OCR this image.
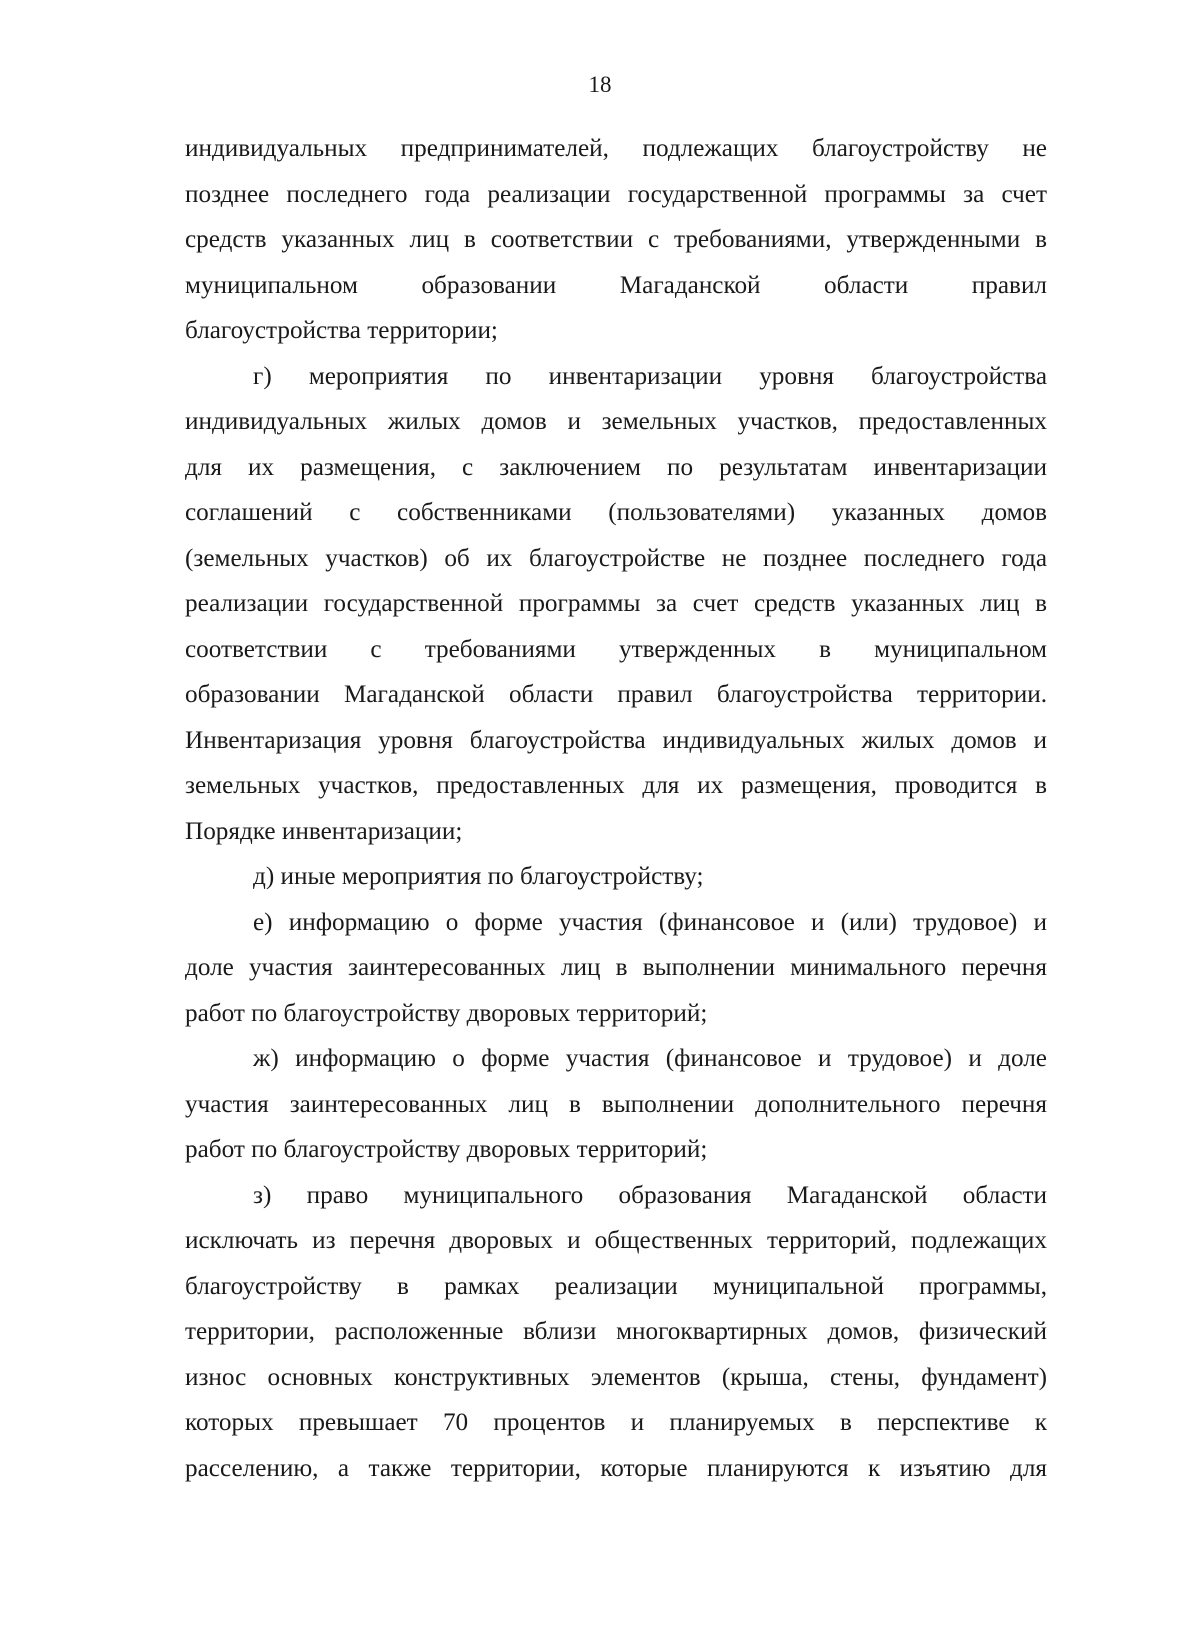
18
индивидуальных предпринимателей, подлежащих благоустройству не
позднее последнего года реализации государственной программы за счет
средств указанных лиц в соответствии с требованиями, утвержденными в
муниципальном образовании Магаданской области правил
благоустройства территории;
г) мероприятия по инвентаризации уровня благоустройства
индивидуальных жилых домов и земельных участков, предоставленных
для их размещения, с заключением по результатам инвентаризации
соглашений с собственниками (пользователями) указанных домов
(земельных участков) об их благоустройстве не позднее последнего года
реализации государственной программы за счет средств указанных лиц в
соответствии с требованиями утвержденных в муниципальном
образовании Магаданской области правил благоустройства территории.
Инвентаризация уровня благоустройства индивидуальных жилых домов и
земельных участков, предоставленных для их размещения, проводится в
Порядке инвентаризации;
д) иные мероприятия по благоустройству;
е) информацию о форме участия (финансовое и (или) трудовое) и
доле участия заинтересованных лиц в выполнении минимального перечня
работ по благоустройству дворовых территорий;
ж) информацию о форме участия (финансовое и трудовое) и доле
участия заинтересованных лиц в выполнении дополнительного перечня
работ по благоустройству дворовых территорий;
з) право муниципального образования Магаданской области
исключать из перечня дворовых и общественных территорий, подлежащих
благоустройству в рамках реализации муниципальной программы,
территории, расположенные вблизи многоквартирных домов, физический
износ основных конструктивных элементов (крыша, стены, фундамент)
которых превышает 70 процентов и планируемых в перспективе к
расселению, а также территории, которые планируются к изъятию для
